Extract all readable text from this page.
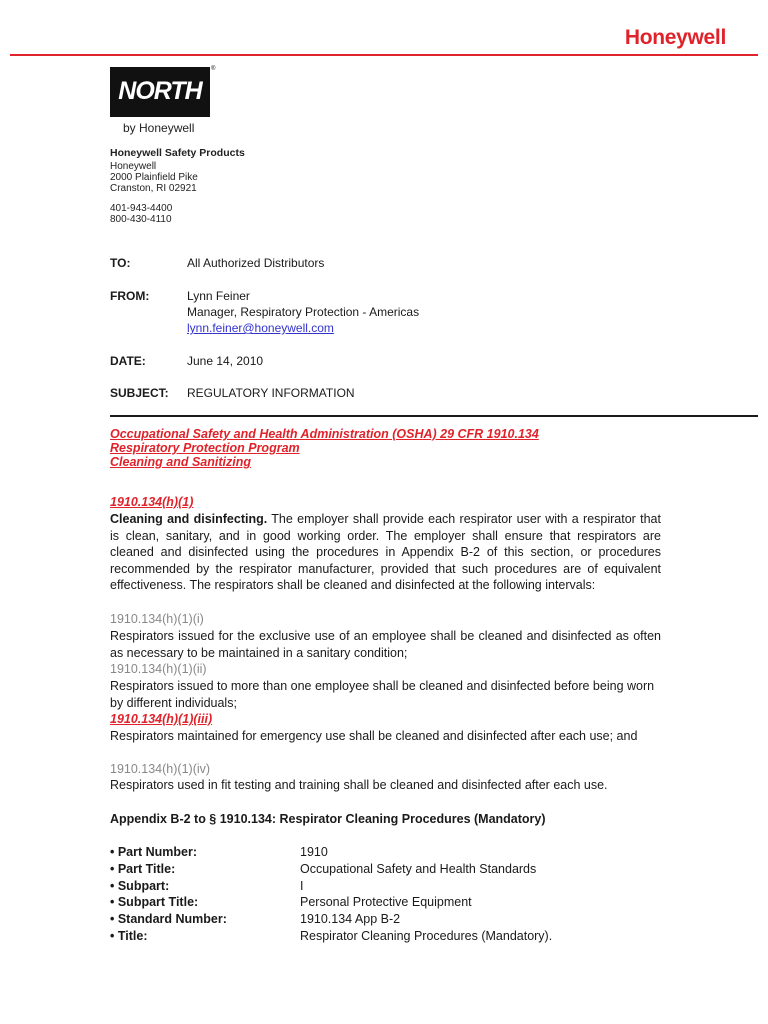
Honeywell
NORTH
®
by Honeywell
Honeywell Safety Products
Honeywell
2000 Plainfield Pike
Cranston, RI 02921
401-943-4400
800-430-4110
TO:	All Authorized Distributors
FROM:	Lynn Feiner
Manager, Respiratory Protection - Americas
lynn.feiner@honeywell.com
DATE:	June 14, 2010
SUBJECT: REGULATORY INFORMATION
Occupational Safety and Health Administration (OSHA) 29 CFR 1910.134
Respiratory Protection Program
Cleaning and Sanitizing
1910.134(h)(1)
Cleaning and disinfecting. The employer shall provide each respirator user with a respirator that is clean, sanitary, and in good working order. The employer shall ensure that respirators are cleaned and disinfected using the procedures in Appendix B-2 of this section, or procedures recommended by the respirator manufacturer, provided that such procedures are of equivalent effectiveness. The respirators shall be cleaned and disinfected at the following intervals:
1910.134(h)(1)(i)
Respirators issued for the exclusive use of an employee shall be cleaned and disinfected as often as necessary to be maintained in a sanitary condition;
1910.134(h)(1)(ii)
Respirators issued to more than one employee shall be cleaned and disinfected before being worn by different individuals;
1910.134(h)(1)(iii)
Respirators maintained for emergency use shall be cleaned and disinfected after each use; and
1910.134(h)(1)(iv)
Respirators used in fit testing and training shall be cleaned and disinfected after each use.
Appendix B-2 to § 1910.134: Respirator Cleaning Procedures (Mandatory)
• Part Number:	1910
• Part Title:	Occupational Safety and Health Standards
• Subpart:	I
• Subpart Title:	Personal Protective Equipment
• Standard Number:	1910.134 App B-2
• Title:	Respirator Cleaning Procedures (Mandatory).
